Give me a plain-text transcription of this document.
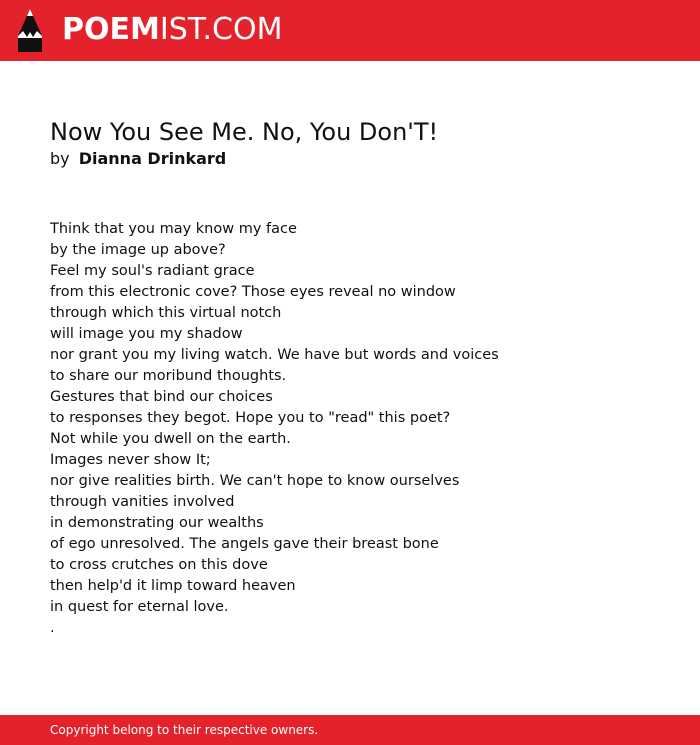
POEMIST.COM
Now You See Me. No, You Don'T!
by Dianna Drinkard
Think that you may know my face
by the image up above?
Feel my soul's radiant grace
from this electronic cove? Those eyes reveal no window
through which this virtual notch
will image you my shadow
nor grant you my living watch. We have but words and voices
to share our moribund thoughts.
Gestures that bind our choices
to responses they begot. Hope you to "read" this poet?
Not while you dwell on the earth.
Images never show It;
nor give realities birth. We can't hope to know ourselves
through vanities involved
in demonstrating our wealths
of ego unresolved. The angels gave their breast bone
to cross crutches on this dove
then help'd it limp toward heaven
in quest for eternal love.
.
Copyright belong to their respective owners.
